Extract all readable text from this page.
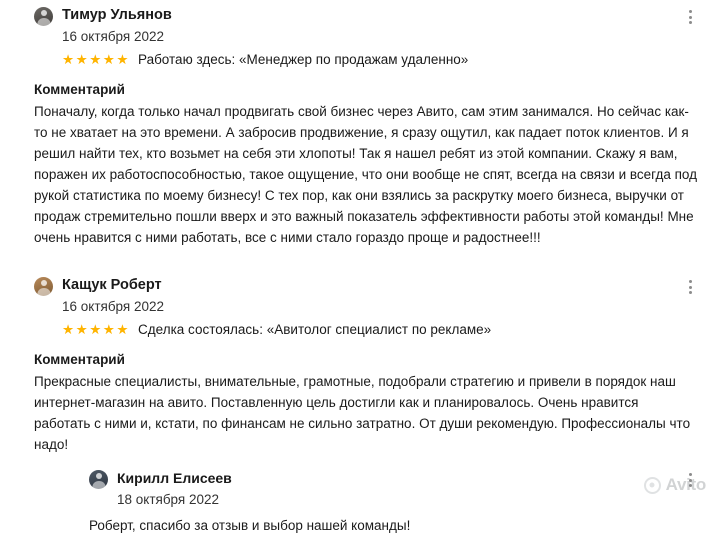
Тимур Ульянов
16 октября 2022
★★★★★ Работаю здесь: «Менеджер по продажам удаленно»
Комментарий
Поначалу, когда только начал продвигать свой бизнес через Авито, сам этим занимался. Но сейчас как-то не хватает на это времени. А забросив продвижение, я сразу ощутил, как падает поток клиентов. И я решил найти тех, кто возьмет на себя эти хлопоты! Так я нашел ребят из этой компании. Скажу я вам, поражен их работоспособностью, такое ощущение, что они вообще не спят, всегда на связи и всегда под рукой статистика по моему бизнесу! С тех пор, как они взялись за раскрутку моего бизнеса, выручки от продаж стремительно пошли вверх и это важный показатель эффективности работы этой команды! Мне очень нравится с ними работать, все с ними стало гораздо проще и радостнее!!!
Кащук Роберт
16 октября 2022
★★★★★ Сделка состоялась: «Авитолог специалист по рекламе»
Комментарий
Прекрасные специалисты, внимательные, грамотные, подобрали стратегию и привели в порядок наш интернет-магазин на авито. Поставленную цель достигли как и планировалось. Очень нравится работать с ними и, кстати, по финансам не сильно затратно. От души рекомендую. Профессионалы что надо!
Кирилл Елисеев
18 октября 2022
Роберт, спасибо за отзыв и выбор нашей команды!
Avito
